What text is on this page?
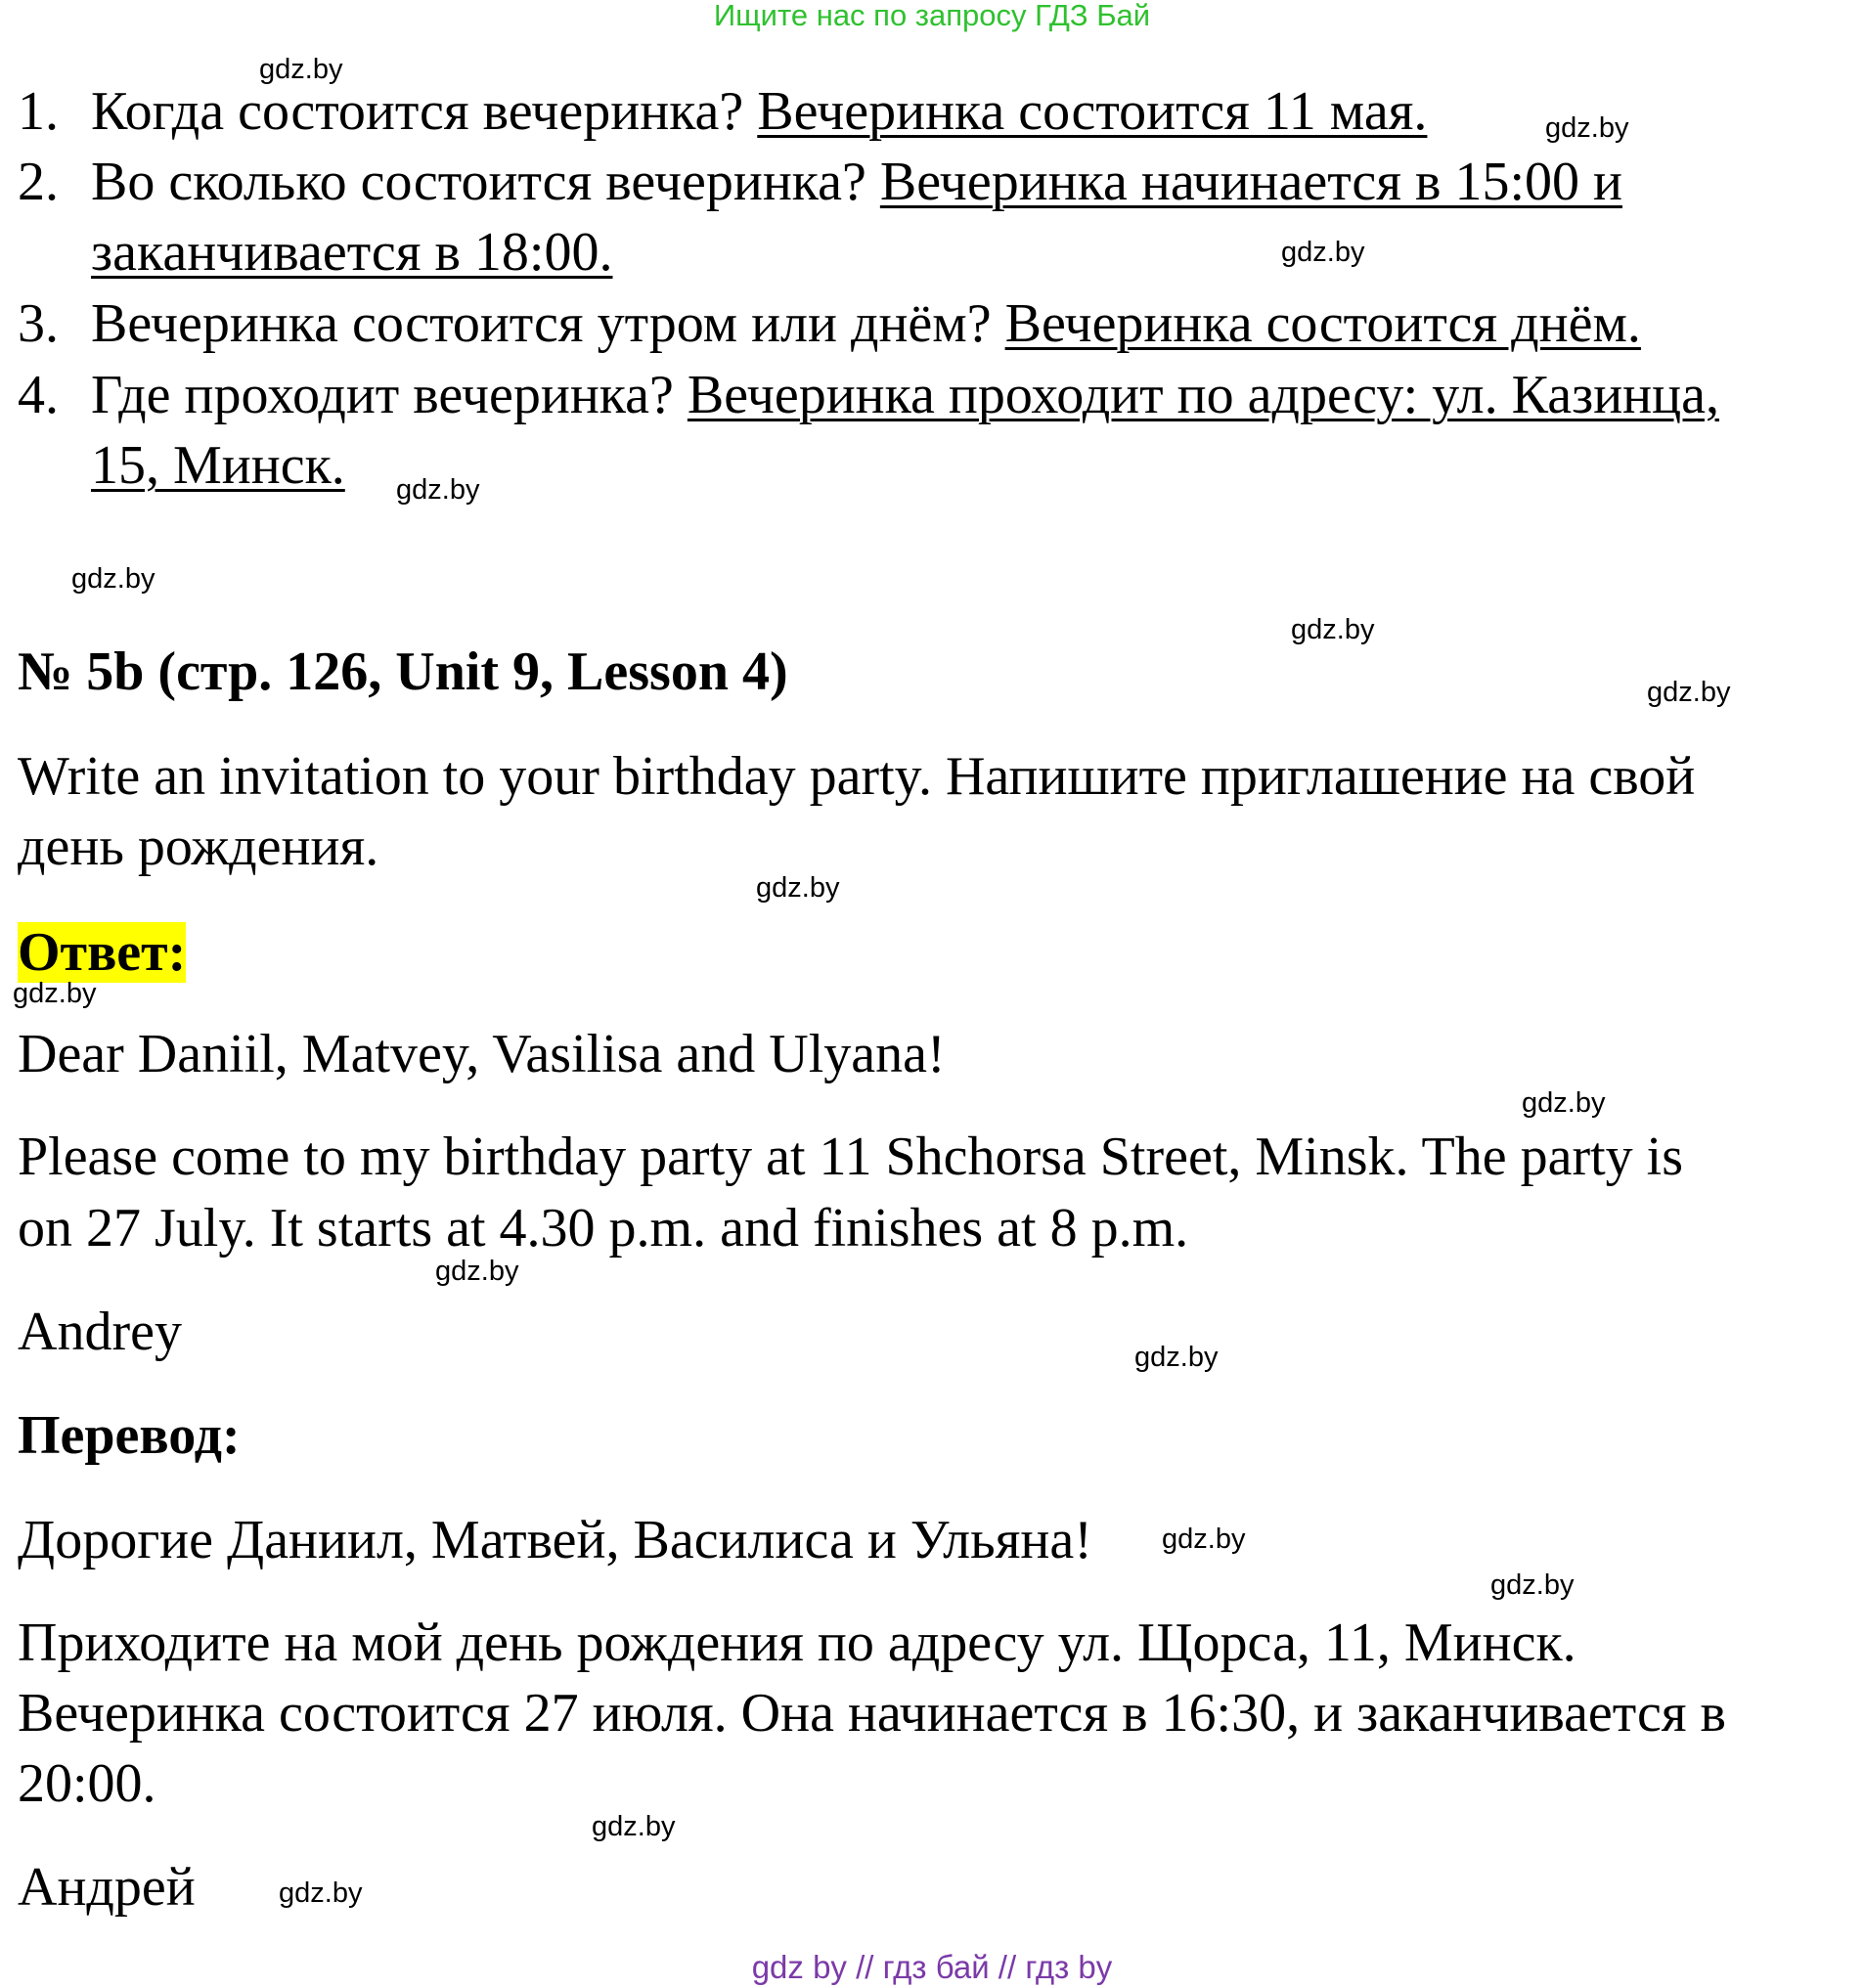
Ищите нас по запросу ГДЗ Бай
1. Когда состоится вечеринка? Вечеринка состоится 11 мая.
2. Во сколько состоится вечеринка? Вечеринка начинается в 15:00 и
заканчивается в 18:00.
3. Вечеринка состоится утром или днём? Вечеринка состоится днём.
4. Где проходит вечеринка? Вечеринка проходит по адресу: ул. Казинца,
15, Минск.
№ 5b (стр. 126, Unit 9, Lesson 4)
Write an invitation to your birthday party. Напишите приглашение на свой
день рождения.
Ответ:
Dear Daniil, Matvey, Vasilisa and Ulyana!
Please come to my birthday party at 11 Shchorsa Street, Minsk. The party is
on 27 July. It starts at 4.30 p.m. and finishes at 8 p.m.
Andrey
Перевод:
Дорогие Даниил, Матвей, Василиса и Ульяна!
Приходите на мой день рождения по адресу ул. Щорса, 11, Минск.
Вечеринка состоится 27 июля. Она начинается в 16:30, и заканчивается в
20:00.
Андрей
gdz.by
gdz.by
gdz.by
gdz.by
gdz.by
gdz.by
gdz.by
gdz.by
gdz.by
gdz.by
gdz.by
gdz.by
gdz.by
gdz.by
gdz.by
gdz.by
gdz by // гдз бай // гдз by
